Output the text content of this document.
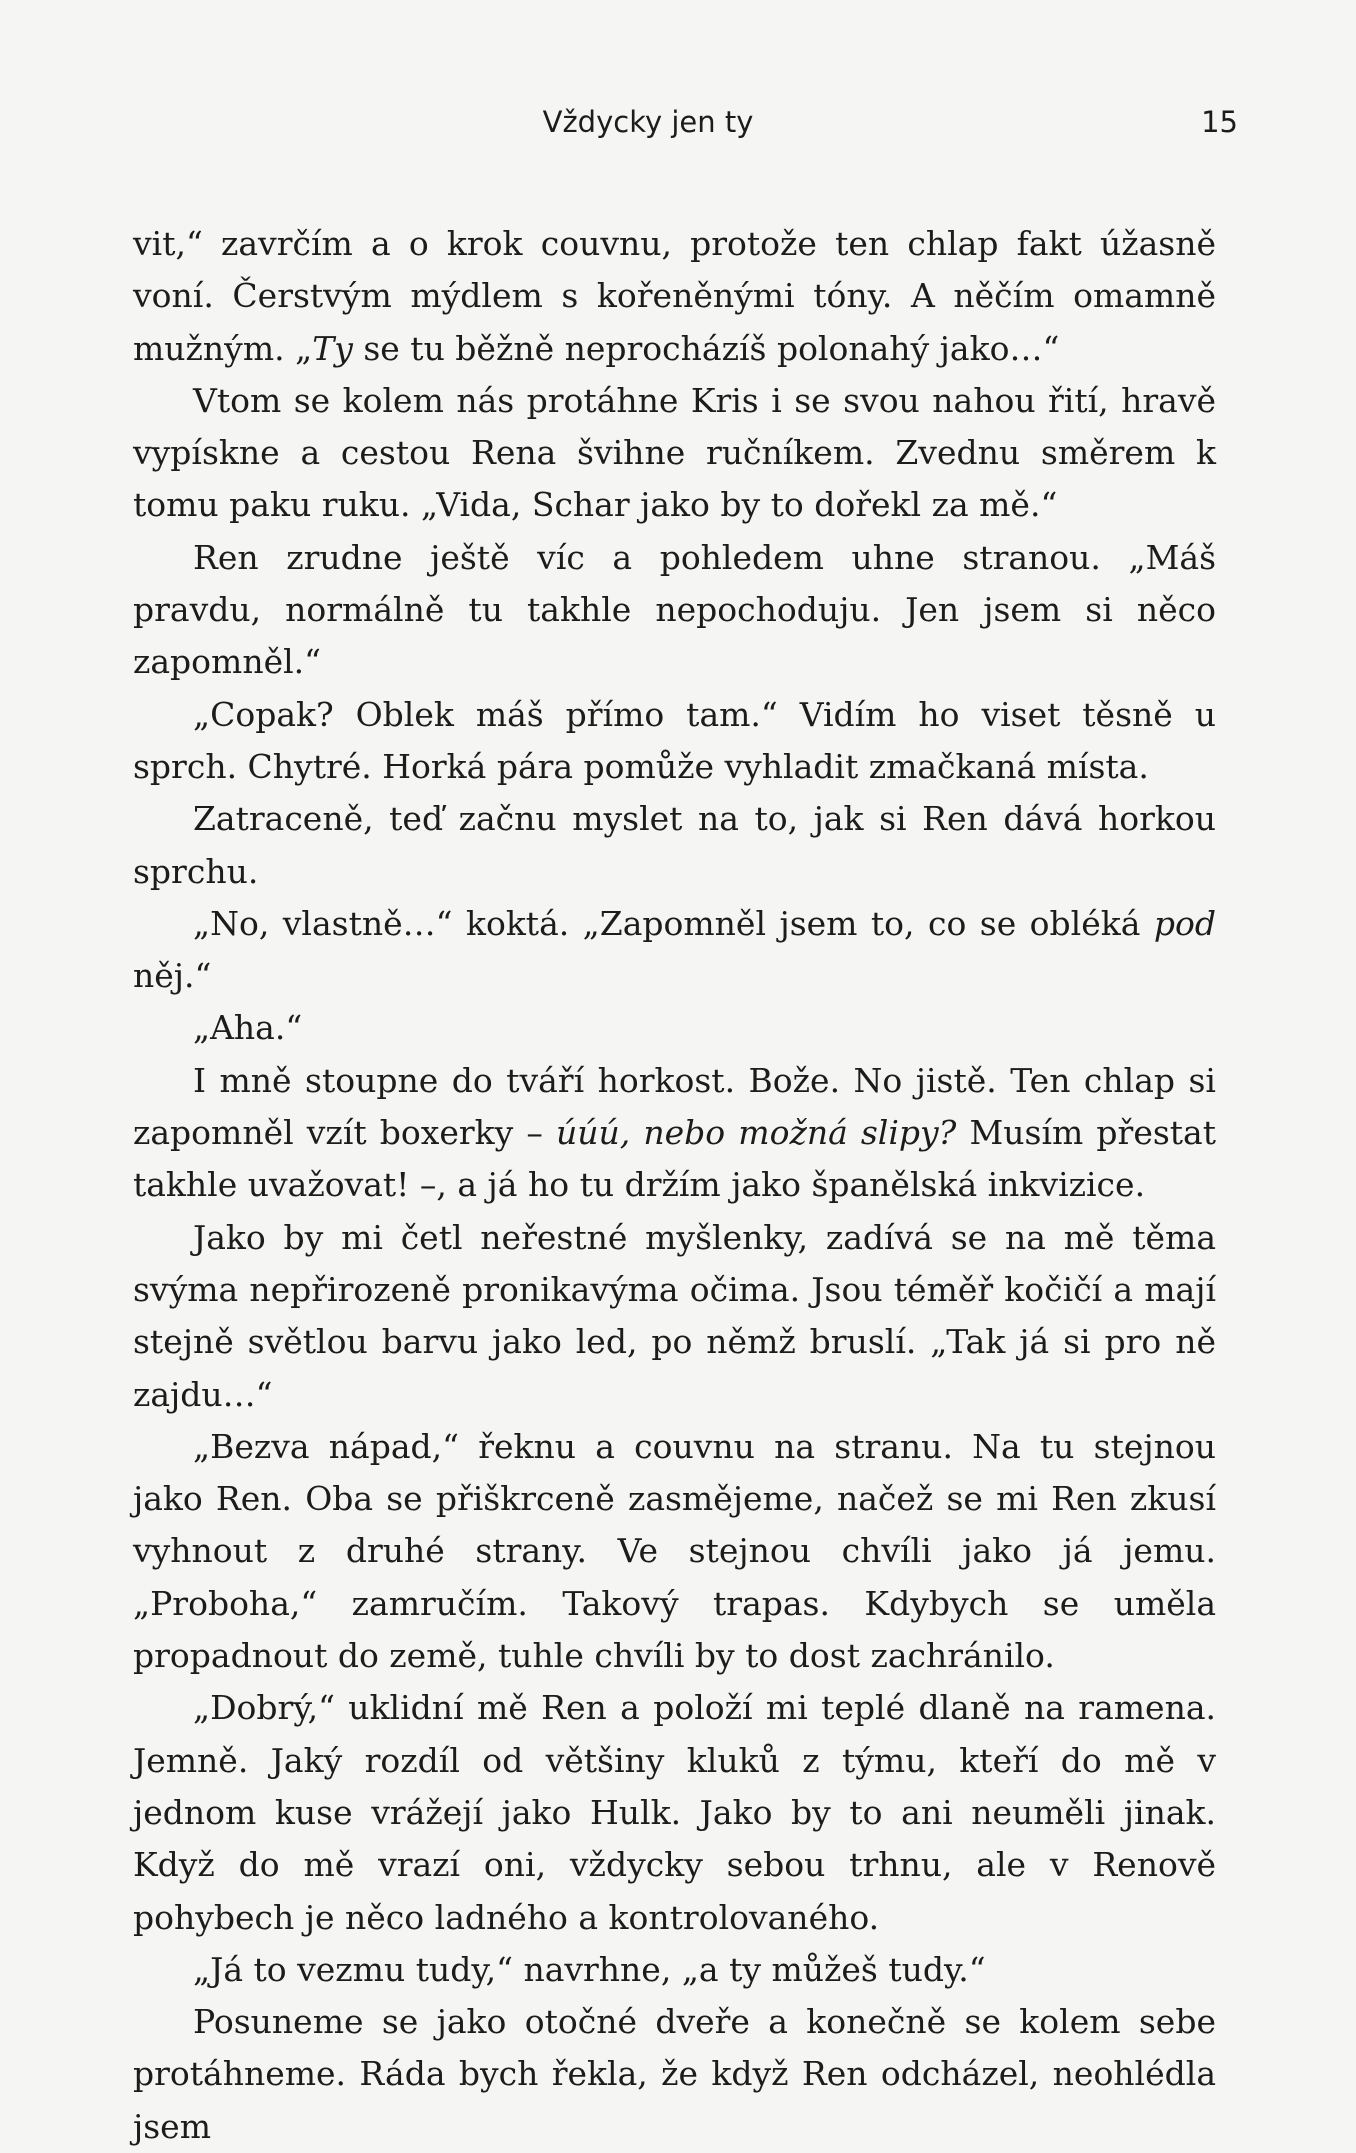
Vždycky jen ty	15

vit,“ zavrčím a o krok couvnu, protože ten chlap fakt úžasně voní. Čerstvým mýdlem s kořeněnými tóny. A něčím omamně mužným. „Ty se tu běžně neprocházíš polonahý jako…“

Vtom se kolem nás protáhne Kris i se svou nahou řití, hravě vypískne a cestou Rena švihne ručníkem. Zvednu směrem k tomu paku ruku. „Vida, Schar jako by to dořekl za mě.“

Ren zrudne ještě víc a pohledem uhne stranou. „Máš pravdu, normálně tu takhle nepochoduju. Jen jsem si něco zapomněl.“

„Copak? Oblek máš přímo tam.“ Vidím ho viset těsně u sprch. Chytré. Horká pára pomůže vyhladit zmačkaná místa.

Zatraceně, teď začnu myslet na to, jak si Ren dává horkou sprchu.

„No, vlastně…“ koktá. „Zapomněl jsem to, co se obléká pod něj.“

„Aha.“

I mně stoupne do tváří horkost. Bože. No jistě. Ten chlap si zapomněl vzít boxerky – úúú, nebo možná slipy? Musím přestat takhle uvažovat! –, a já ho tu držím jako španělská inkvizice.

Jako by mi četl neřestné myšlenky, zadívá se na mě těma svýma nepřirozeně pronikavýma očima. Jsou téměř kočičí a mají stejně světlou barvu jako led, po němž bruslí. „Tak já si pro ně zajdu…“

„Bezva nápad,“ řeknu a couvnu na stranu. Na tu stejnou jako Ren. Oba se přiškrceně zasmějeme, načež se mi Ren zkusí vyhnout z druhé strany. Ve stejnou chvíli jako já jemu. „Proboha,“ zamručím. Takový trapas. Kdybych se uměla propadnout do země, tuhle chvíli by to dost zachránilo.

„Dobrý,“ uklidní mě Ren a položí mi teplé dlaně na ramena. Jemně. Jaký rozdíl od většiny kluků z týmu, kteří do mě v jednom kuse vrážejí jako Hulk. Jako by to ani neuměli jinak. Když do mě vrazí oni, vždycky sebou trhnu, ale v Renově pohybech je něco ladného a kontrolovaného.

„Já to vezmu tudy,“ navrhne, „a ty můžeš tudy.“

Posuneme se jako otočné dveře a konečně se kolem sebe protáhneme. Ráda bych řekla, že když Ren odcházel, neohlédla jsem
